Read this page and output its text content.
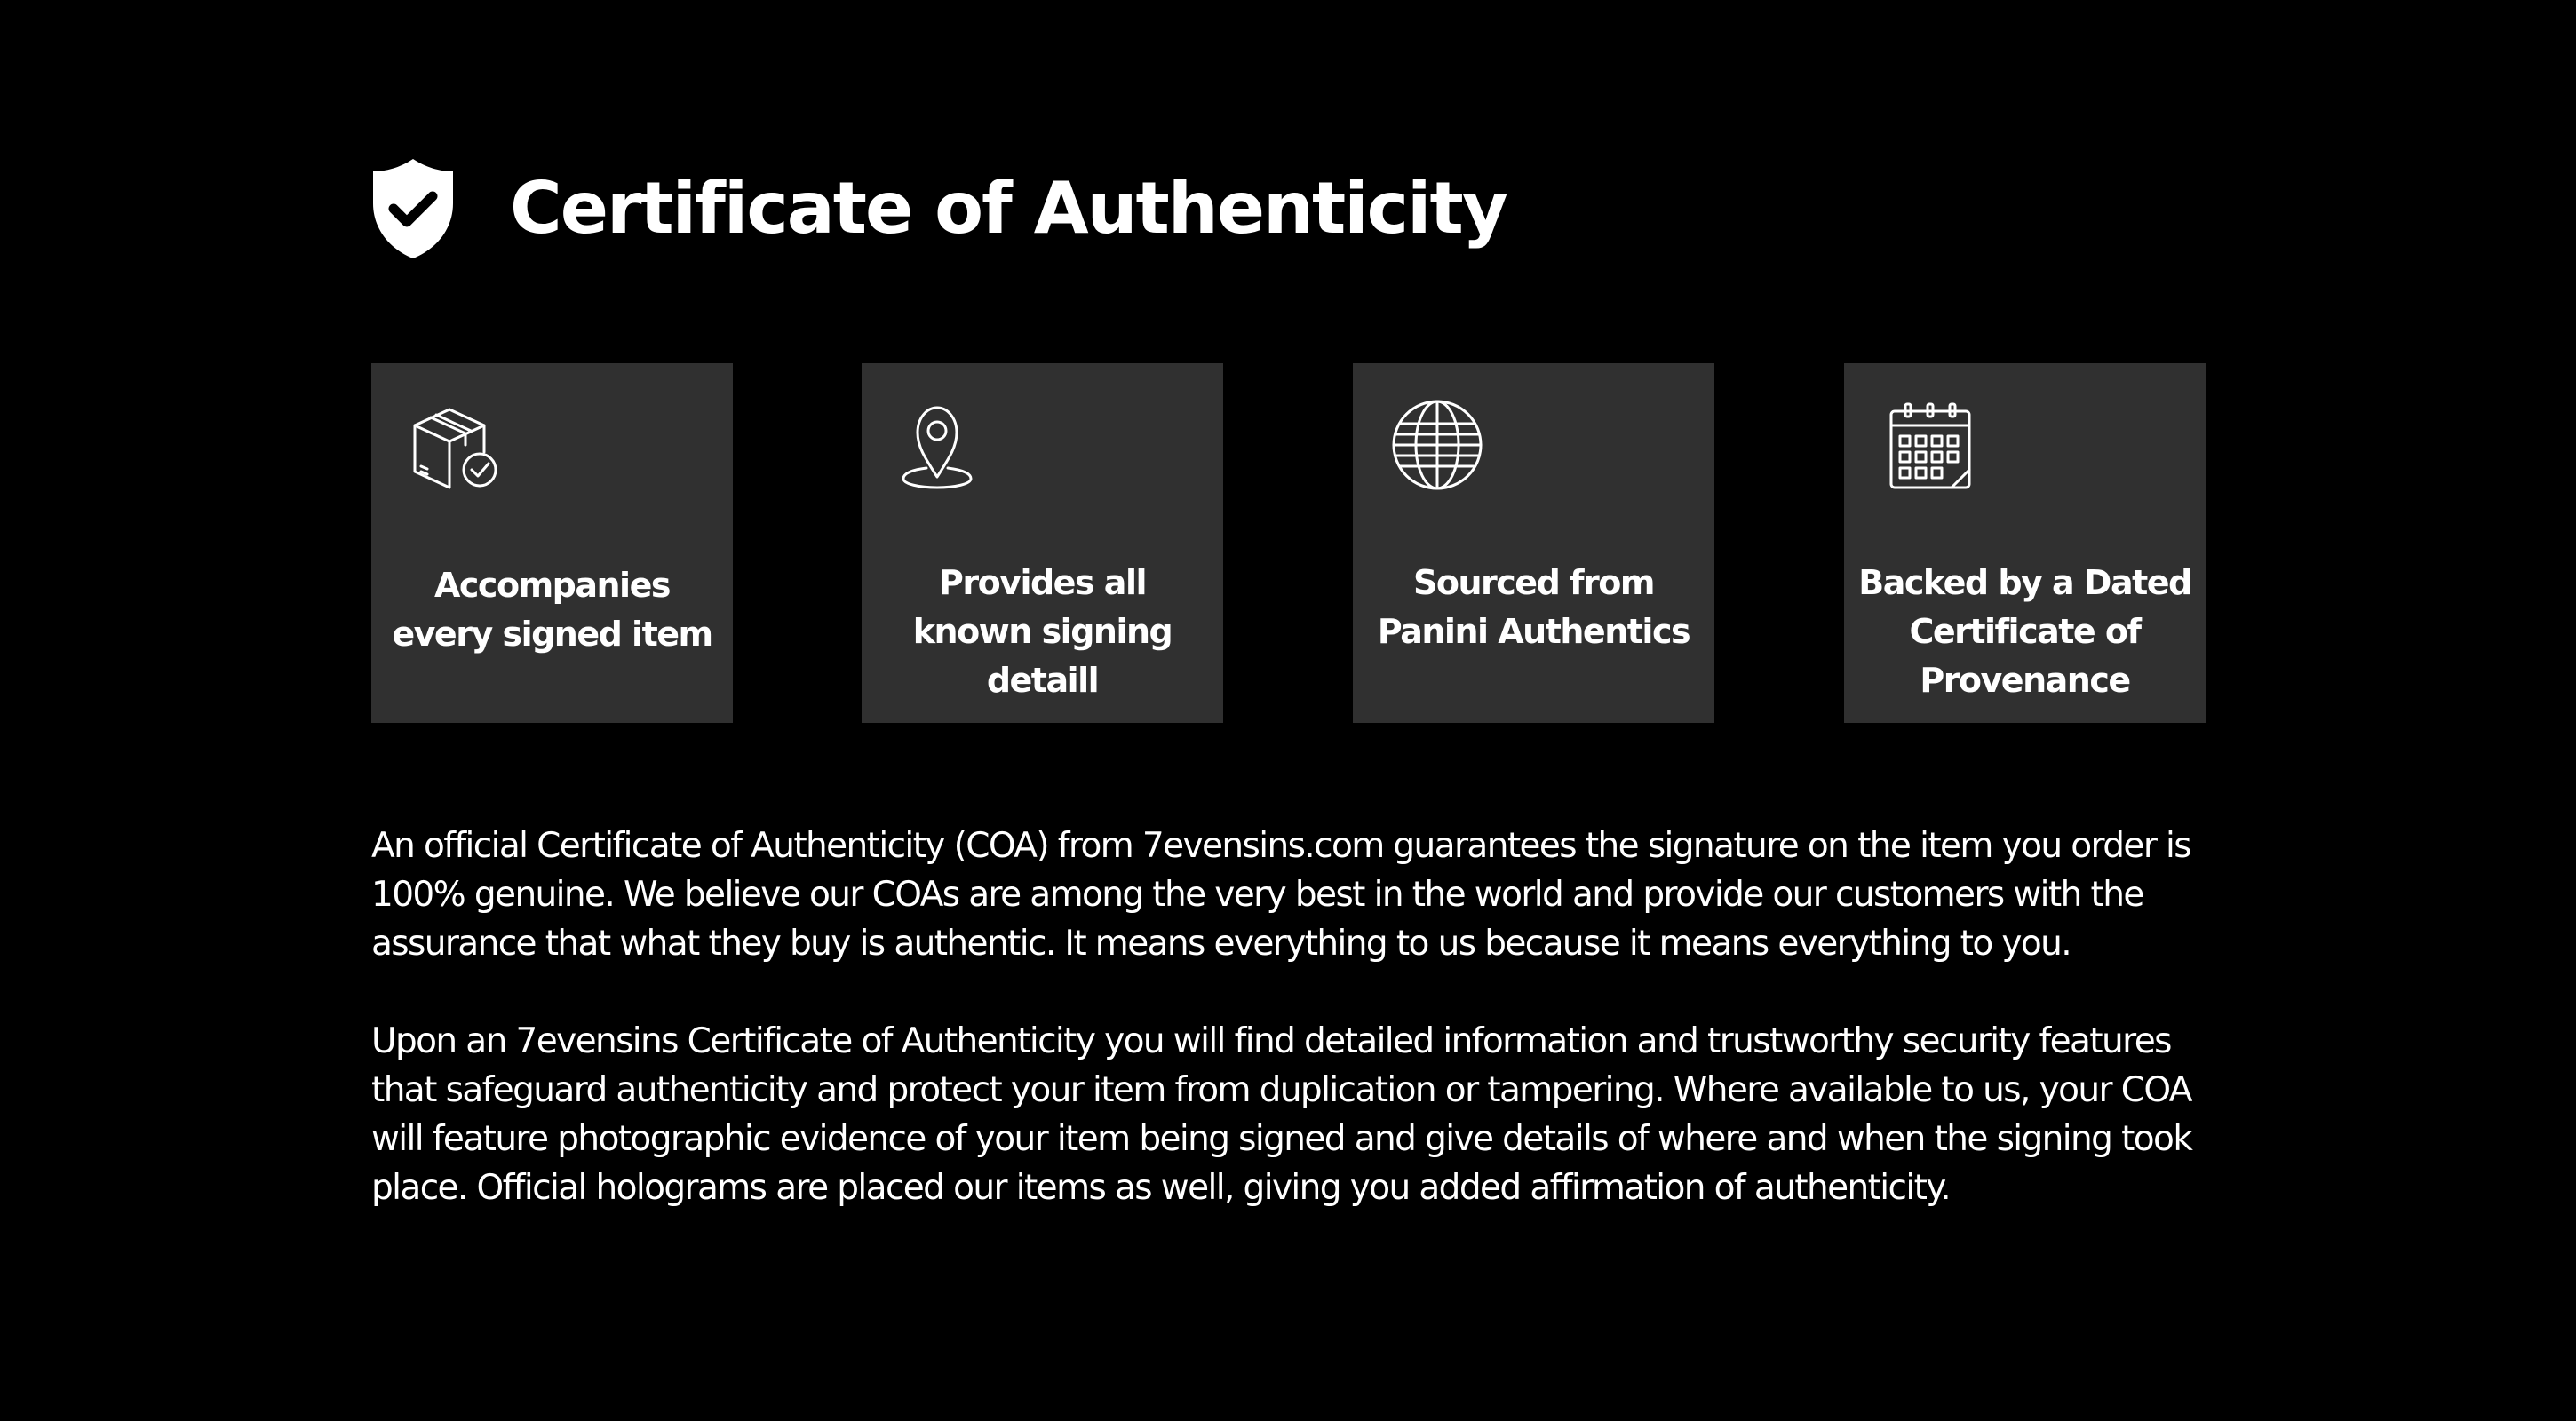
Certificate of Authenticity
Accompanies every signed item
Provides all known signing detaill
Sourced from Panini Authentics
Backed by a Dated Certificate of Provenance

An official Certificate of Authenticity (COA) from 7evensins.com guarantees the signature on the item you order is 100% genuine. We believe our COAs are among the very best in the world and provide our customers with the assurance that what they buy is authentic. It means everything to us because it means everything to you.

Upon an 7evensins Certificate of Authenticity you will find detailed information and trustworthy security features that safeguard authenticity and protect your item from duplication or tampering. Where available to us, your COA will feature photographic evidence of your item being signed and give details of where and when the signing took place. Official holograms are placed our items as well, giving you added affirmation of authenticity.
